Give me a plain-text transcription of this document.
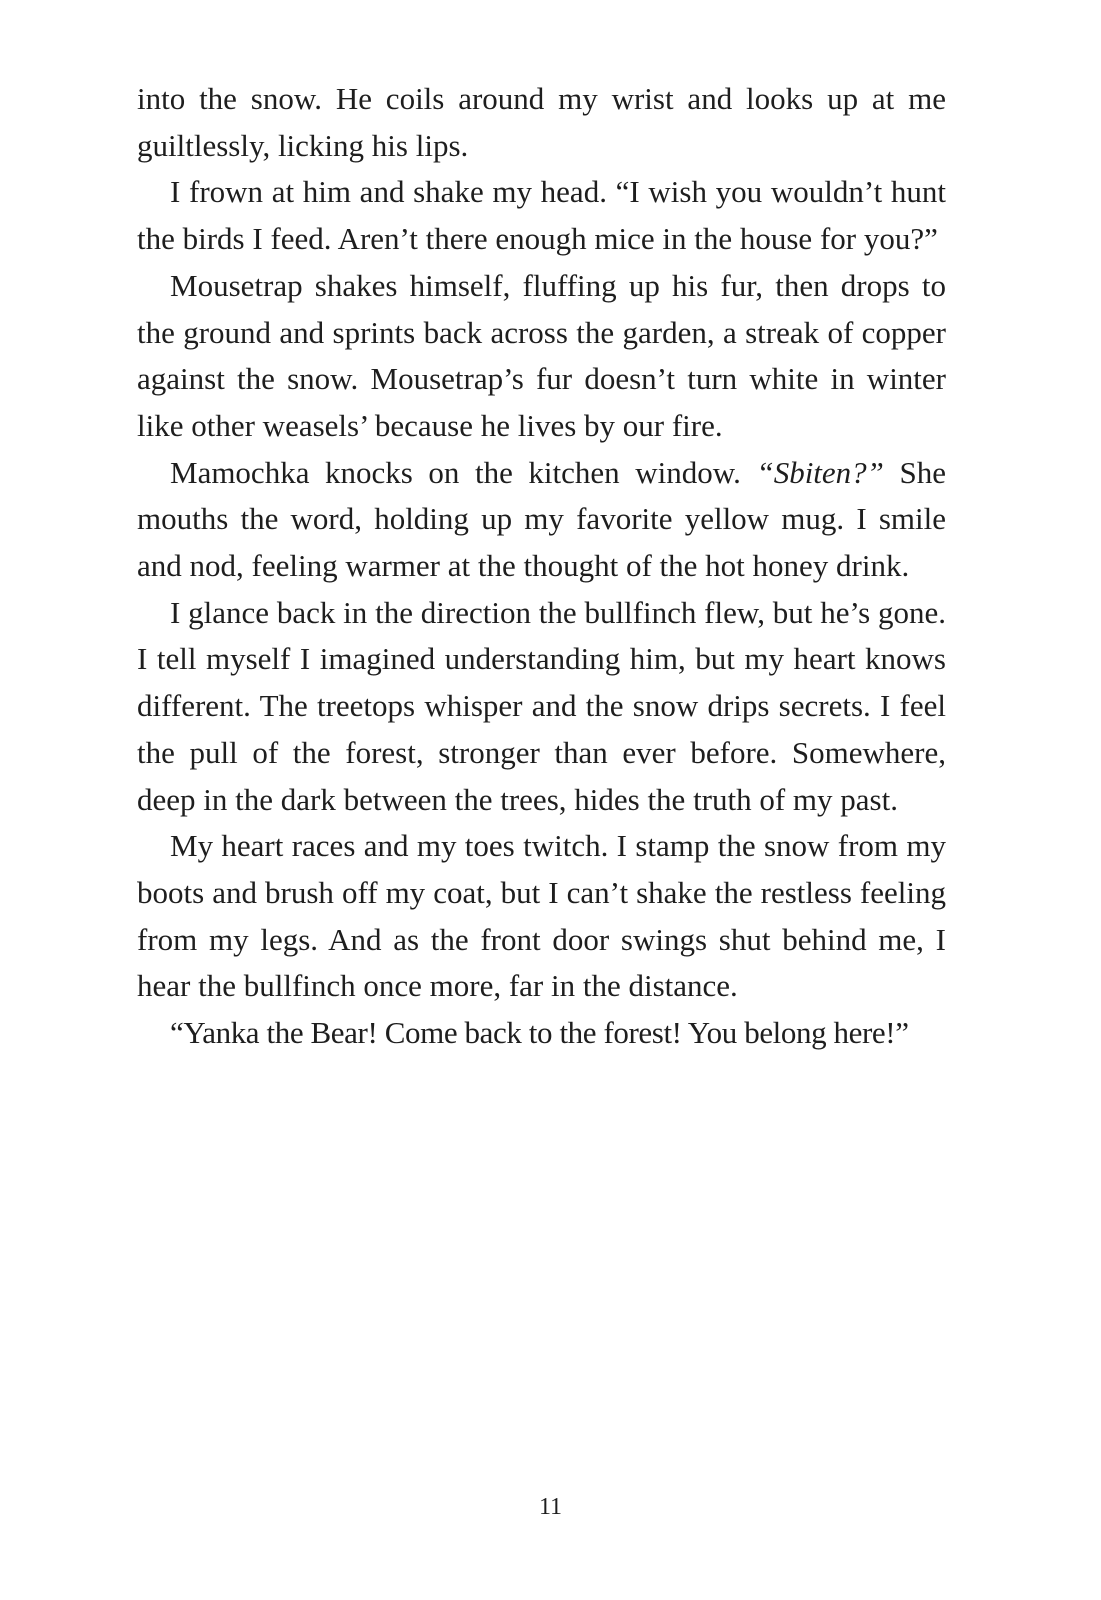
into the snow. He coils around my wrist and looks up at me guiltlessly, licking his lips.

I frown at him and shake my head. “I wish you wouldn’t hunt the birds I feed. Aren’t there enough mice in the house for you?”

Mousetrap shakes himself, fluffing up his fur, then drops to the ground and sprints back across the garden, a streak of copper against the snow. Mousetrap’s fur doesn’t turn white in winter like other weasels’ because he lives by our fire.

Mamochka knocks on the kitchen window. “Sbiten?” She mouths the word, holding up my favorite yellow mug. I smile and nod, feeling warmer at the thought of the hot honey drink.

I glance back in the direction the bullfinch flew, but he’s gone. I tell myself I imagined understanding him, but my heart knows different. The treetops whisper and the snow drips secrets. I feel the pull of the forest, stronger than ever before. Somewhere, deep in the dark between the trees, hides the truth of my past.

My heart races and my toes twitch. I stamp the snow from my boots and brush off my coat, but I can’t shake the restless feeling from my legs. And as the front door swings shut behind me, I hear the bullfinch once more, far in the distance.

“Yanka the Bear! Come back to the forest! You belong here!”

11
